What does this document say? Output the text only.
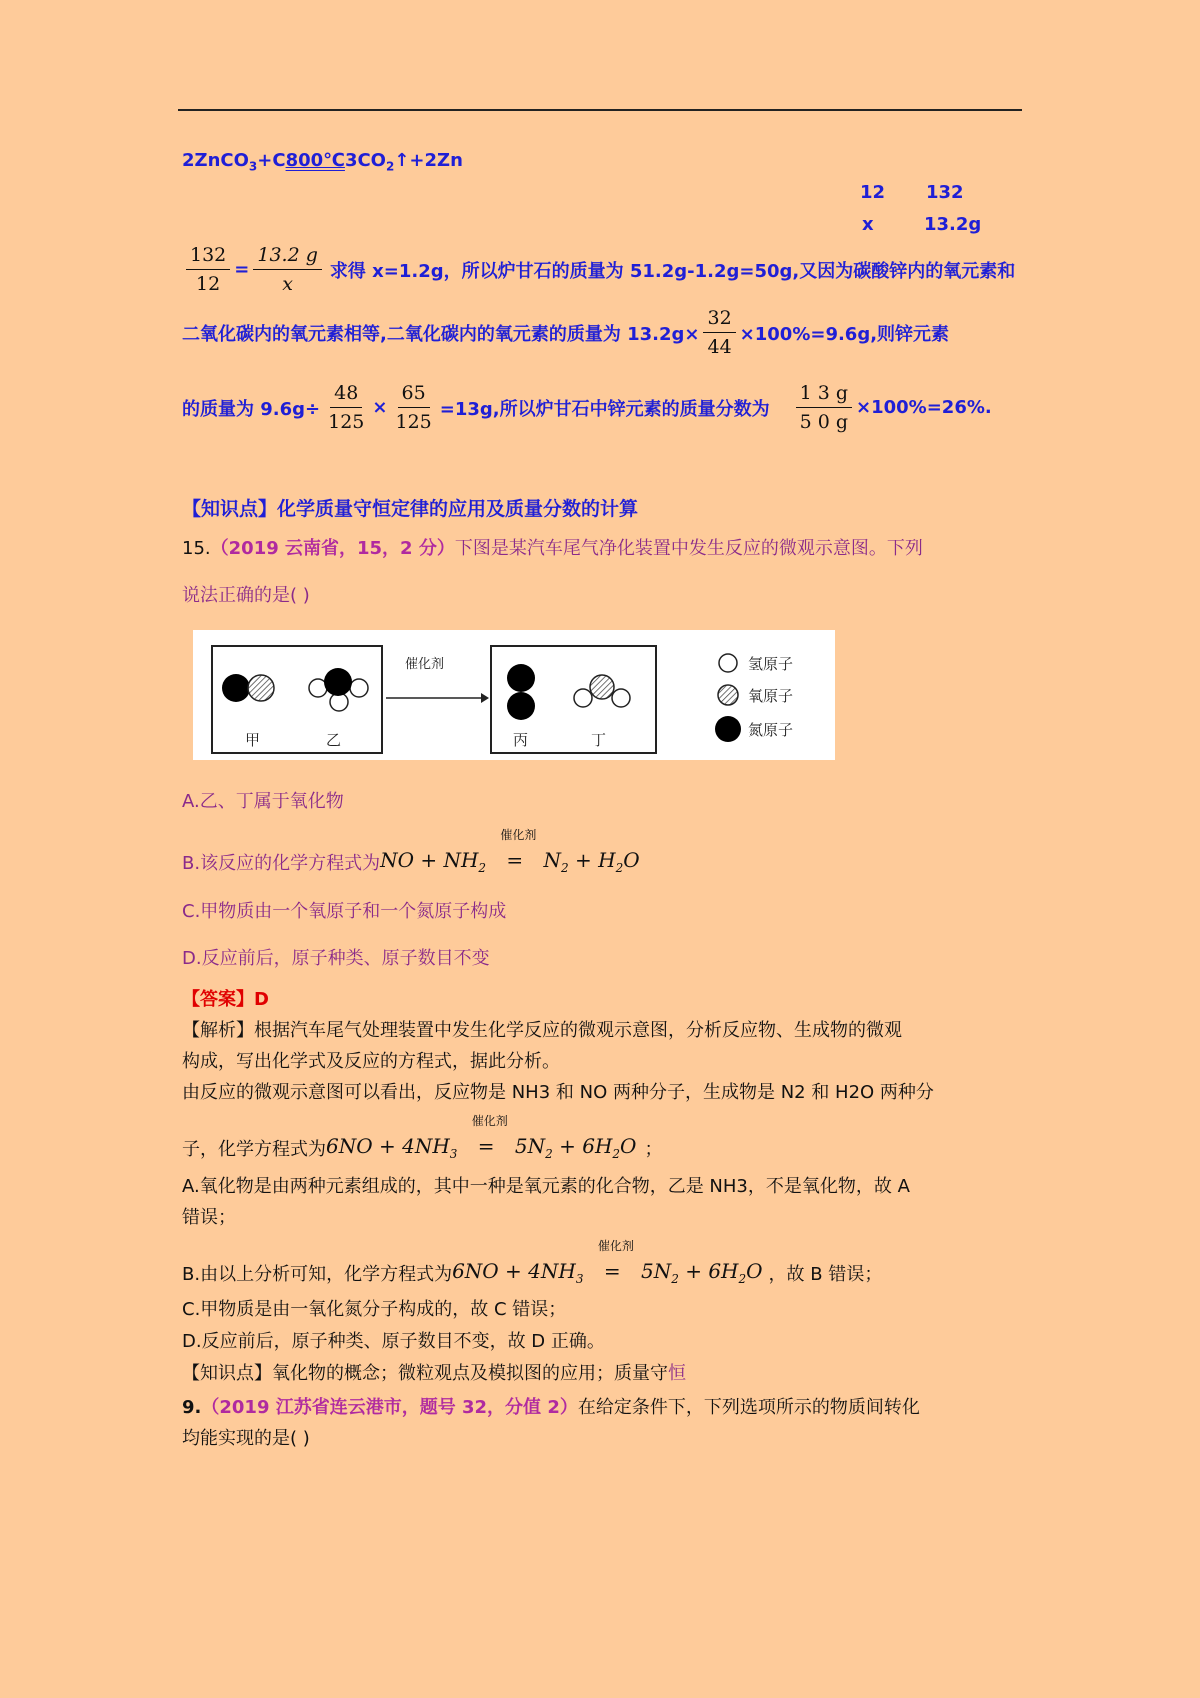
$2ZnCO_3+C800℃3CO_2↑+2Zn$
12 132
x	13.2g
$\frac{132}{12} = \frac{13.2 g}{x}$ 求得 x=1.2g，所以炉甘石的质量为 51.2g-1.2g=50g,又因为碳酸锌内的氧元素和
二氧化碳内的氧元素相等,二氧化碳内的氧元素的质量为 $13.2g\times \frac{32}{44} \times 100\%=9.6g$,则锌元素
的质量为 $9.6g\div \frac{48}{125} \times \frac{65}{125} =13g$,所以炉甘石中锌元素的质量分数为 $\frac{1 3 g}{5 0 g} \times 100\%=26\%$.
【知识点】化学质量守恒定律的应用及质量分数的计算
15.（2019 云南省，15，2 分）下图是某汽车尾气净化装置中发生反应的微观示意图。下列
说法正确的是( )
催化剂
甲	乙	丙	丁
氢原子
氧原子
氮原子
A.乙、丁属于氧化物
B.该反应的化学方程式为 NO + $NH_2$
催化剂
= $N_2 + H_2O$
C.甲物质由一个氧原子和一个氮原子构成
D.反应前后，原子种类、原子数目不变
【答案】D
【解析】根据汽车尾气处理装置中发生化学反应的微观示意图，分析反应物、生成物的微观
构成，写出化学式及反应的方程式，据此分析。
由反应的微观示意图可以看出，反应物是 NH3 和 NO 两种分子，生成物是 N2 和 H2O 两种分
子，化学方程式为 $6NO + 4NH_3$
催化剂
= $5N_2 + 6H_2O$ ；
A.氧化物是由两种元素组成的，其中一种是氧元素的化合物，乙是 NH3，不是氧化物，故 A
错误；
B.由以上分析可知，化学方程式为 $6NO + 4NH_3$
催化剂
= $5N_2 + 6H_2O$ ，故 B 错误；
C.甲物质是由一氧化氮分子构成的，故 C 错误；
D.反应前后，原子种类、原子数目不变，故 D 正确。
【知识点】氧化物的概念；微粒观点及模拟图的应用；质量守恒
9.（2019 江苏省连云港市，题号 32，分值 2）在给定条件下，下列选项所示的物质间转化
均能实现的是( )
